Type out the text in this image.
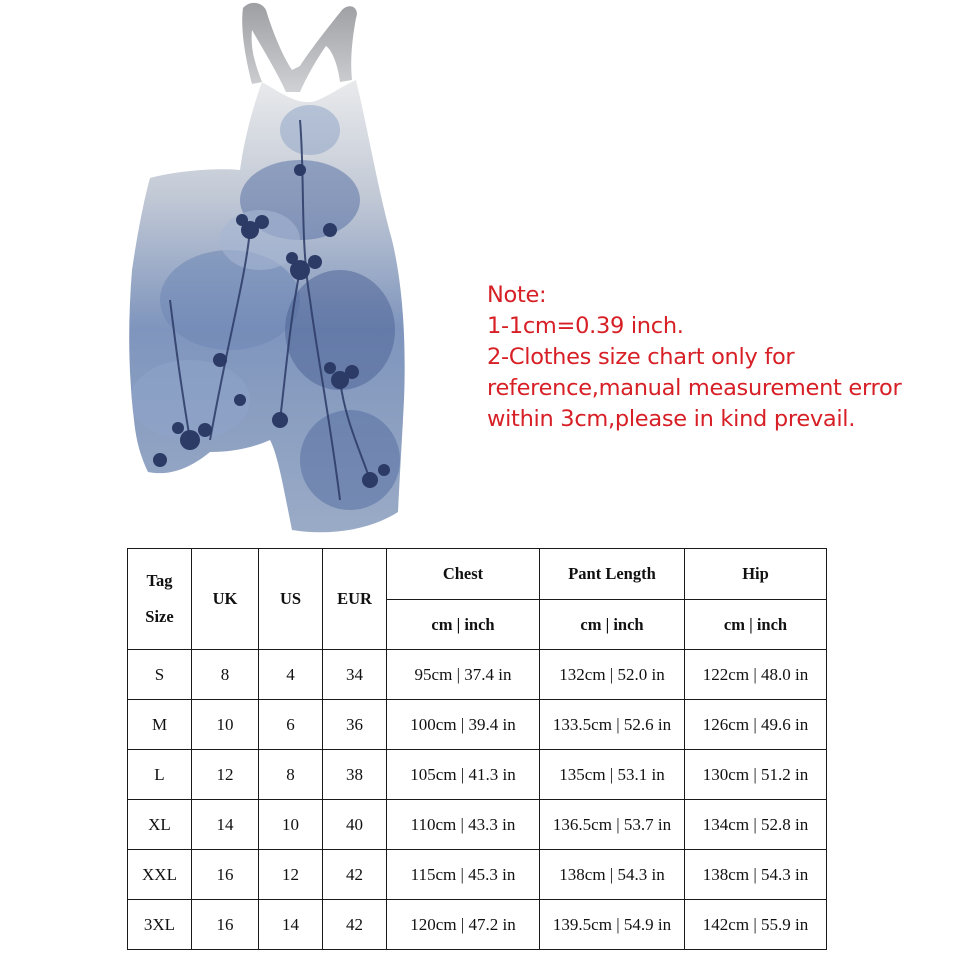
Note:
1-1cm=0.39 inch.
2-Clothes size chart only for
reference,manual measurement error
within 3cm,please in kind prevail.
Tag
Size	UK	US	EUR	Chest	Pant Length	Hip
				cm | inch	cm | inch	cm | inch
S	8	4	34	95cm | 37.4 in	132cm | 52.0 in	122cm | 48.0 in
M	10	6	36	100cm | 39.4 in	133.5cm | 52.6 in	126cm | 49.6 in
L	12	8	38	105cm | 41.3 in	135cm | 53.1 in	130cm | 51.2 in
XL	14	10	40	110cm | 43.3 in	136.5cm | 53.7 in	134cm | 52.8 in
XXL	16	12	42	115cm | 45.3 in	138cm | 54.3 in	138cm | 54.3 in
3XL	16	14	42	120cm | 47.2 in	139.5cm | 54.9 in	142cm | 55.9 in
